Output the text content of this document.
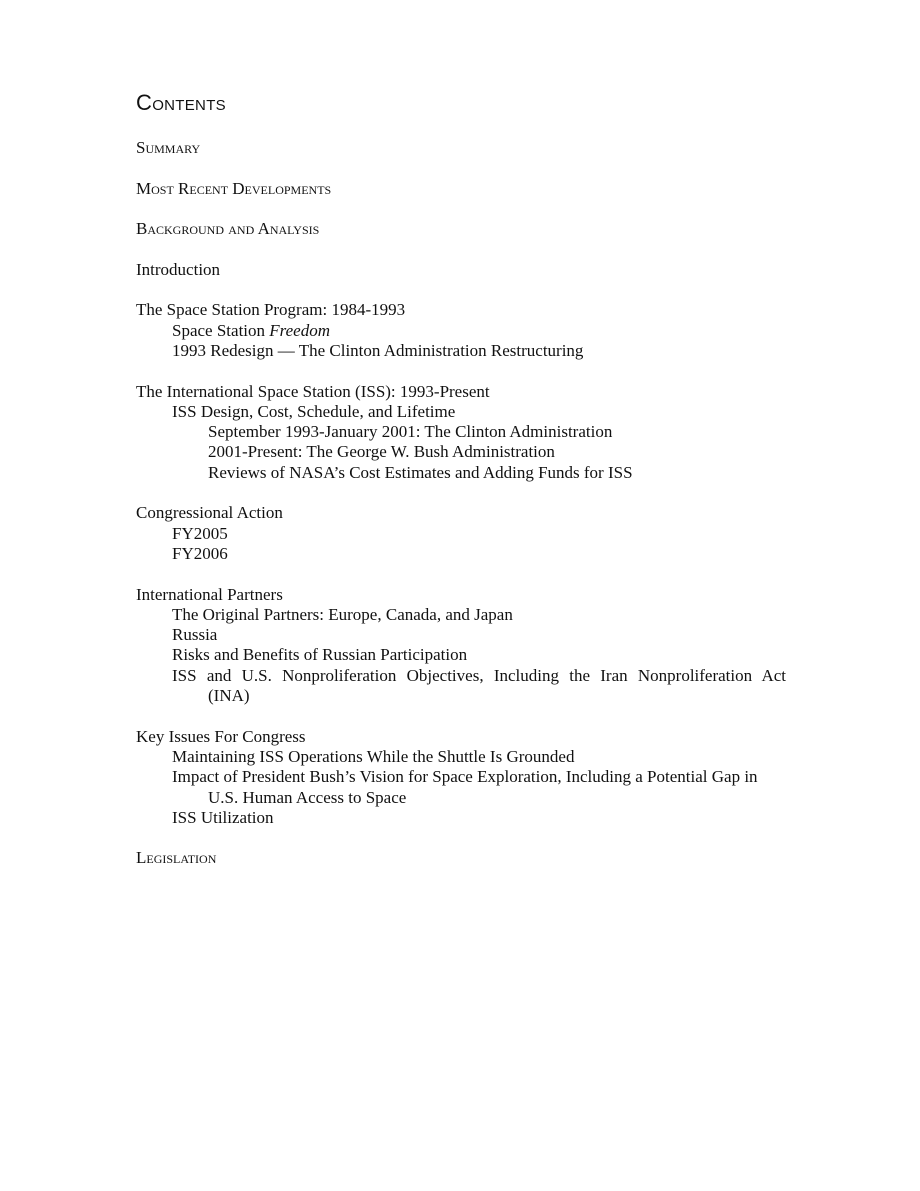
Contents
Summary
Most Recent Developments
Background and Analysis
Introduction
The Space Station Program: 1984-1993
Space Station Freedom
1993 Redesign — The Clinton Administration Restructuring
The International Space Station (ISS): 1993-Present
ISS Design, Cost, Schedule, and Lifetime
September 1993-January 2001: The Clinton Administration
2001-Present: The George W. Bush Administration
Reviews of NASA’s Cost Estimates and Adding Funds for ISS
Congressional Action
FY2005
FY2006
International Partners
The Original Partners: Europe, Canada, and Japan
Russia
Risks and Benefits of Russian Participation
ISS and U.S. Nonproliferation Objectives, Including the Iran Nonproliferation Act
(INA)
Key Issues For Congress
Maintaining ISS Operations While the Shuttle Is Grounded
Impact of President Bush’s Vision for Space Exploration, Including a Potential Gap in
U.S. Human Access to Space
ISS Utilization
Legislation
